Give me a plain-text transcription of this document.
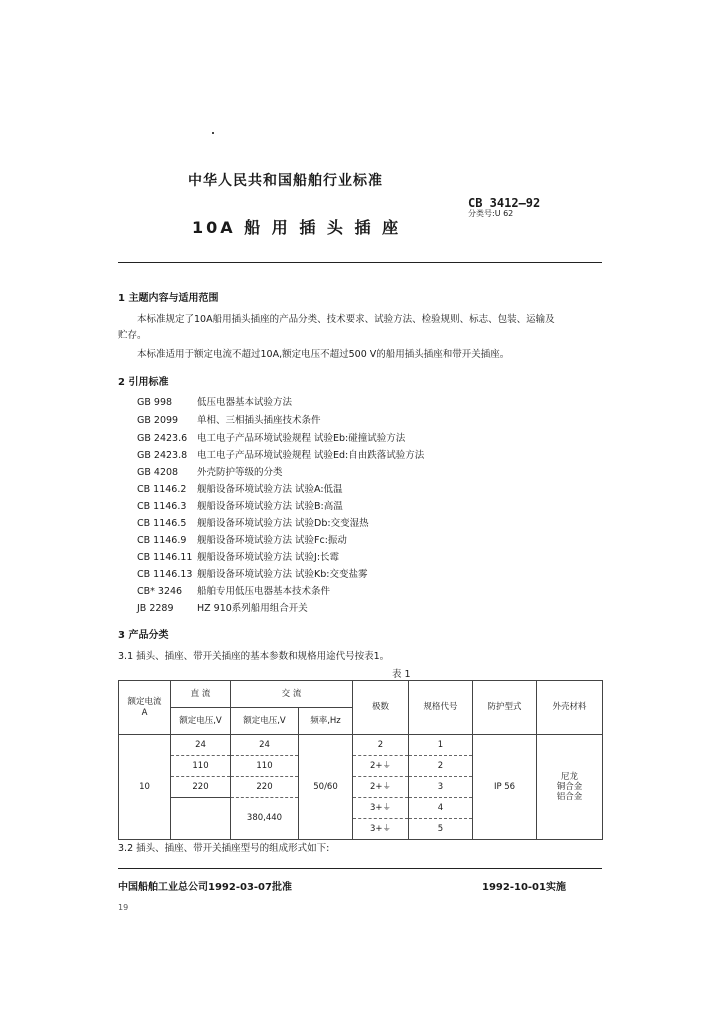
中华人民共和国船舶行业标准
CB 3412—92
分类号:U 62
10A 船 用 插 头 插 座
1 主题内容与适用范围
本标准规定了10A船用插头插座的产品分类、技术要求、试验方法、检验规则、标志、包装、运输及
贮存。
本标准适用于额定电流不超过10A,额定电压不超过500 V的船用插头插座和带开关插座。
2 引用标准
GB 998	低压电器基本试验方法
GB 2099 单相、三相插头插座技术条件
GB 2423.6 电工电子产品环境试验规程 试验Eb:碰撞试验方法
GB 2423.8 电工电子产品环境试验规程 试验Ed:自由跌落试验方法
GB 4208 外壳防护等级的分类
CB 1146.2 舰船设备环境试验方法 试验A:低温
CB 1146.3 舰船设备环境试验方法 试验B:高温
CB 1146.5 舰船设备环境试验方法 试验Db:交变湿热
CB 1146.9 舰船设备环境试验方法 试验Fc:振动
CB 1146.11 舰船设备环境试验方法 试验J:长霉
CB 1146.13 舰船设备环境试验方法 试验Kb:交变盐雾
CB* 3246 船舶专用低压电器基本技术条件
JB 2289 HZ 910系列船用组合开关
3 产品分类
3.1 插头、插座、带开关插座的基本参数和规格用途代号按表1。
表 1
额定电流
A	直 流	交 流		极数	规格代号	防护型式	外壳材料
	额定电压,V	额定电压,V	频率,Hz				
10	24	24	50/60	2	1	IP 56	尼龙
铜合金
铝合金
	110	110		2+⏚	2		
	220	220		2+⏚	3		
		380,440		3+⏚	4		
				3+⏚	5		
3.2 插头、插座、带开关插座型号的组成形式如下:
中国船舶工业总公司1992-03-07批准	1992-10-01实施
19
